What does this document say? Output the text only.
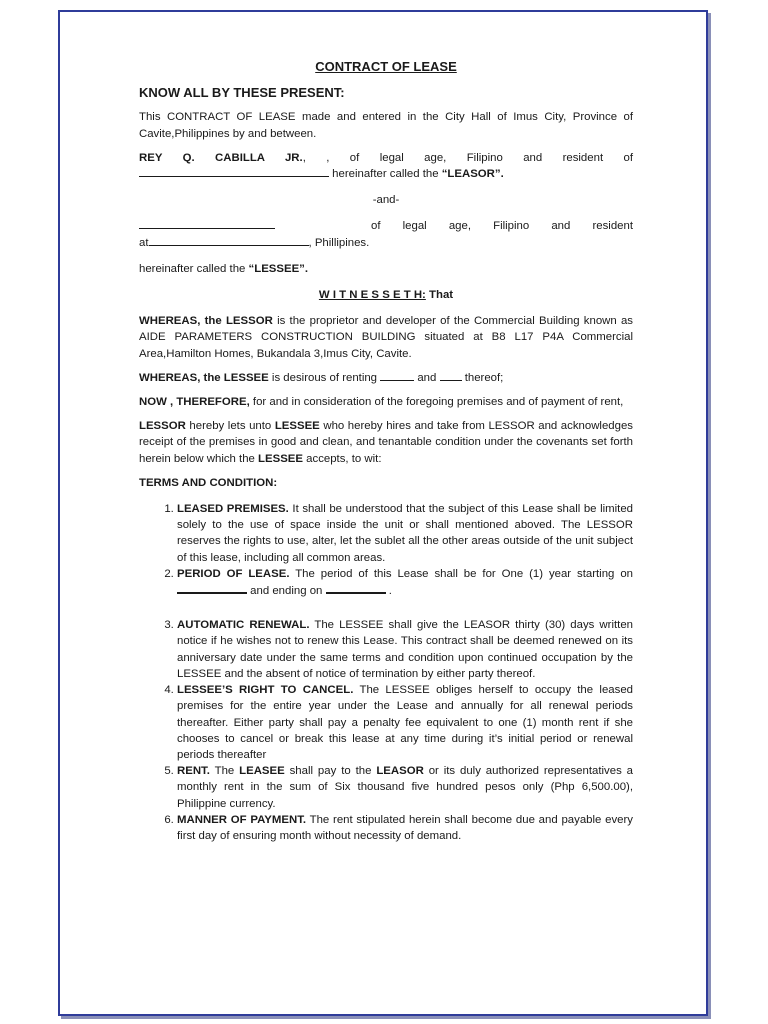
CONTRACT OF LEASE
KNOW ALL BY THESE PRESENT:

This CONTRACT OF LEASE made and entered in the City Hall of Imus City, Province of Cavite,Philippines by and between.

REY Q. CABILLA JR., , of legal age, Filipino and resident of
hereinafter called the “LEASOR”.

-and-

of legal age, Filipino and resident
at	, Phillipines.

hereinafter called the “LESSEE”.

W I T N E S S E T H: That

WHEREAS, the LESSOR is the proprietor and developer of the Commercial Building known as AIDE PARAMETERS CONSTRUCTION BUILDING situated at B8 L17 P4A Commercial Area,Hamilton Homes, Bukandala 3,Imus City, Cavite.

WHEREAS, the LESSEE is desirous of renting	and  thereof;

NOW , THEREFORE, for and in consideration of the foregoing premises and of payment of rent,

LESSOR hereby lets unto LESSEE who hereby hires and take from LESSOR and acknowledges receipt of the premises in good and clean, and tenantable condition under the covenants set forth herein below which the LESSEE accepts, to wit:

TERMS AND CONDITION:
1. LEASED PREMISES. It shall be understood that the subject of this Lease shall be limited solely to the use of space inside the unit or shall mentioned aboved. The LESSOR reserves the rights to use, alter, let the sublet all the other areas outside of the unit subject of this lease, including all common areas.
2. PERIOD OF LEASE. The period of this Lease shall be for One (1) year starting on  and ending on	.
3. AUTOMATIC RENEWAL. The LESSEE shall give the LEASOR thirty (30) days written notice if he wishes not to renew this Lease. This contract shall be deemed renewed on its anniversary date under the same terms and condition upon continued occupation by the LESSEE and the absent of notice of termination by either party thereof.
4. LESSEE’S RIGHT TO CANCEL. The LESSEE obliges herself to occupy the leased premises for the entire year under the Lease and annually for all renewal periods thereafter. Either party shall pay a penalty fee equivalent to one (1) month rent if she chooses to cancel or break this lease at any time during it’s initial period or renewal periods thereafter
5. RENT. The LEASEE shall pay to the LEASOR or its duly authorized representatives a monthly rent in the sum of Six thousand five hundred pesos only (Php 6,500.00), Philippine currency.
6. MANNER OF PAYMENT. The rent stipulated herein shall become due and payable every first day of ensuring month without necessity of demand.
